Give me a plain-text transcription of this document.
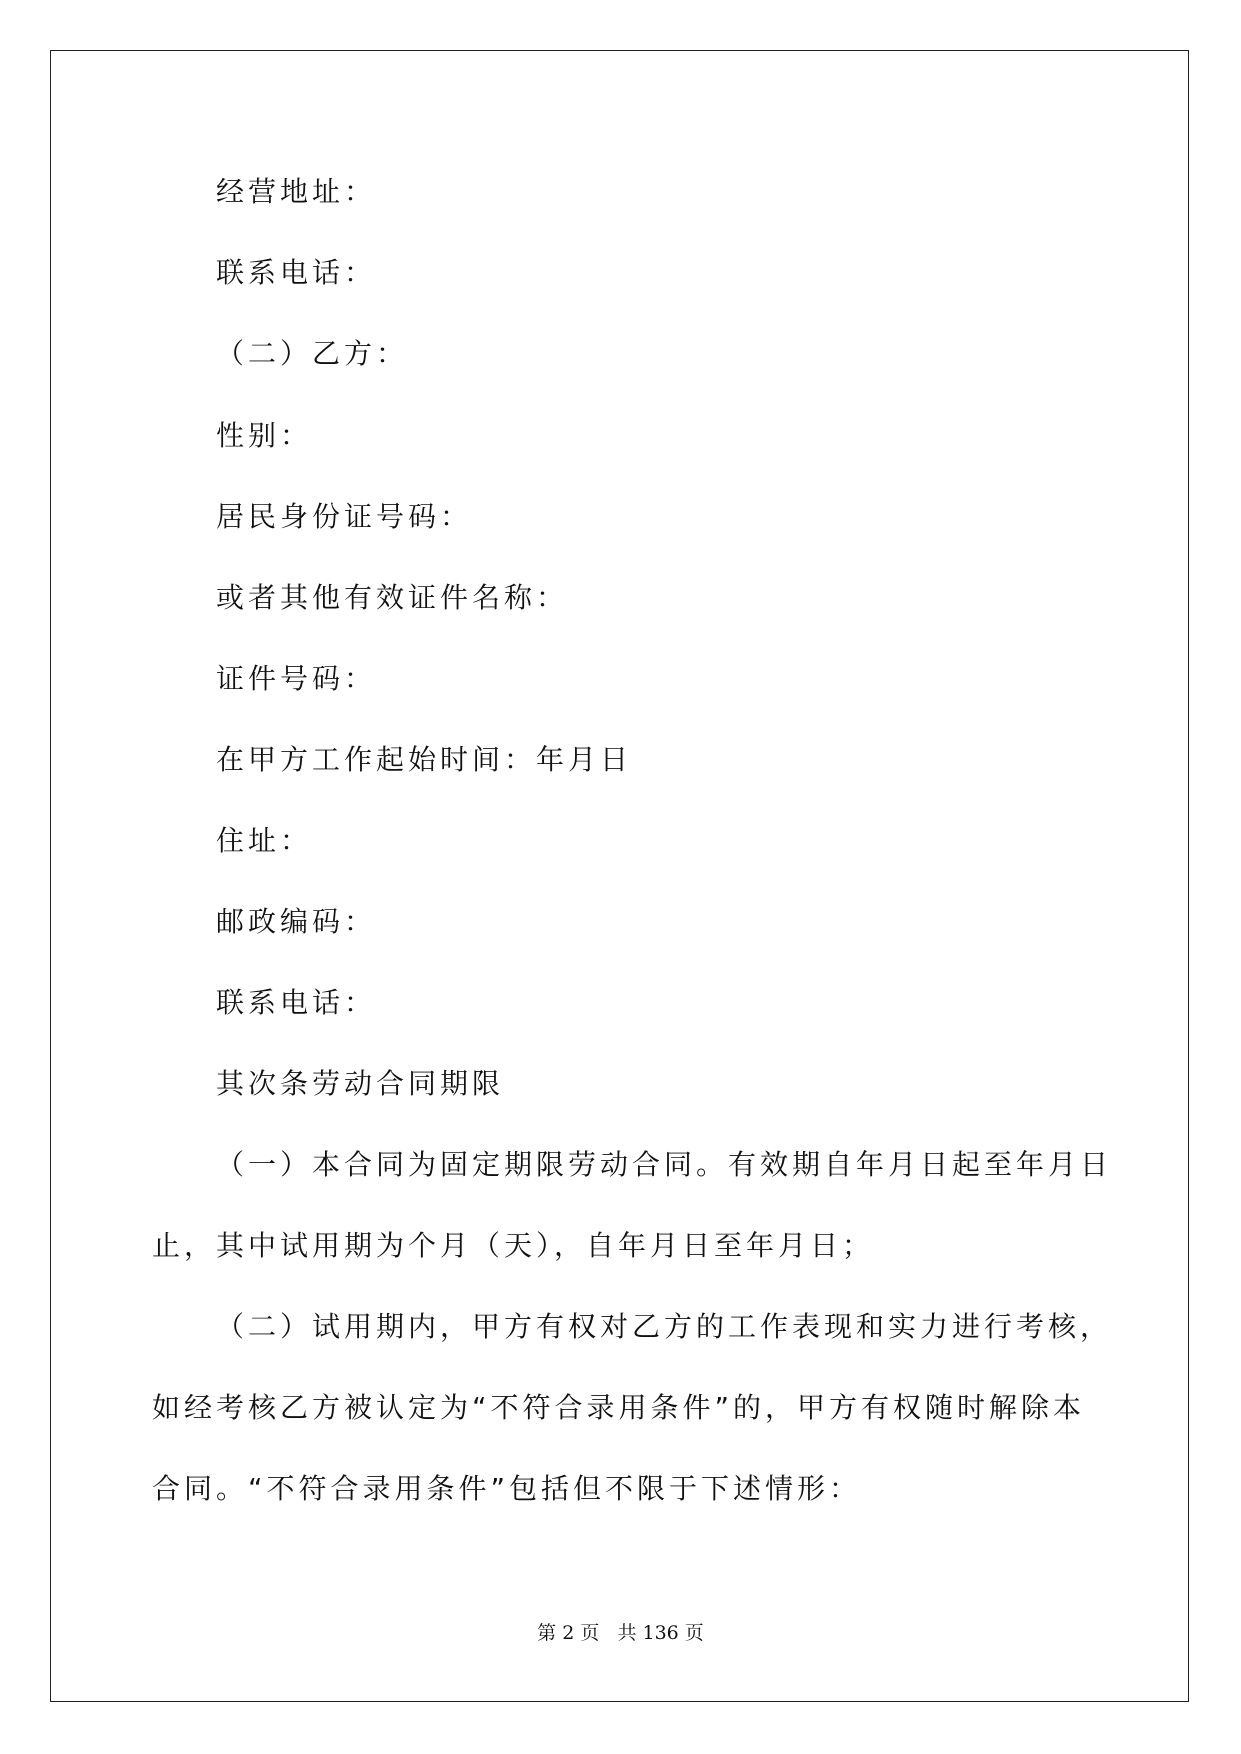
经营地址：
联系电话：
（二）乙方：
性别：
居民身份证号码：
或者其他有效证件名称：
证件号码：
在甲方工作起始时间：年月日
住址：
邮政编码：
联系电话：
其次条劳动合同期限
（一）本合同为固定期限劳动合同。有效期自年月日起至年月日
止，其中试用期为个月（天），自年月日至年月日；
（二）试用期内，甲方有权对乙方的工作表现和实力进行考核，
如经考核乙方被认定为“不符合录用条件”的，甲方有权随时解除本
合同。“不符合录用条件”包括但不限于下述情形：
第 2 页   共 136 页
